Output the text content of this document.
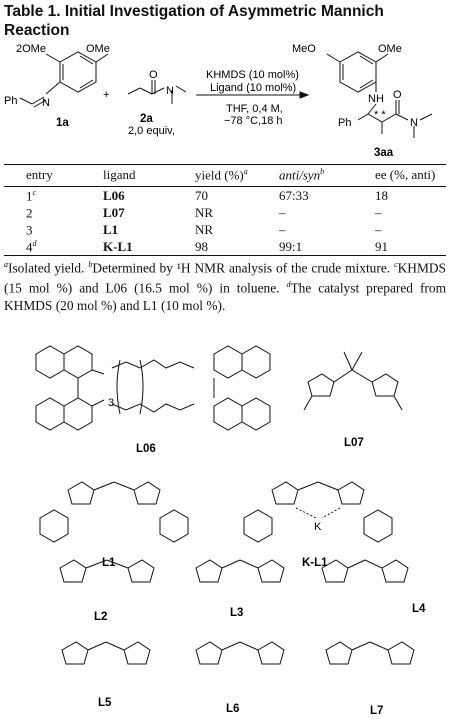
Table 1. Initial Investigation of Asymmetric Mannich Reaction
2OMe	OMe
N
Ph
1a
+
O
N
2a
2,0 equiv,
KHMDS (10 mol%)
Ligand (10 mol%)
THF, 0,4 M,
−78 °C,18 h
MeO	OMe
NH
Ph
* *
O
N
3aa
entry	ligand	yield (%)$^a$	anti/syn$^b$	ee (%, anti)
1$^c$	L06	70	67:33	18
2	L07	NR	–	–
3	L1	NR	–	–
4$^d$	K-L1	98	99:1	91
$^a$Isolated yield. $^b$Determined by ¹H NMR analysis of the crude mixture. $^c$KHMDS (15 mol %) and L06 (16.5 mol %) in toluene. $^d$The catalyst prepared from KHMDS (20 mol %) and L1 (10 mol %).
3
L06	L07
L1
K
K-L1
L2	L3	L4
L5	L6	L7
